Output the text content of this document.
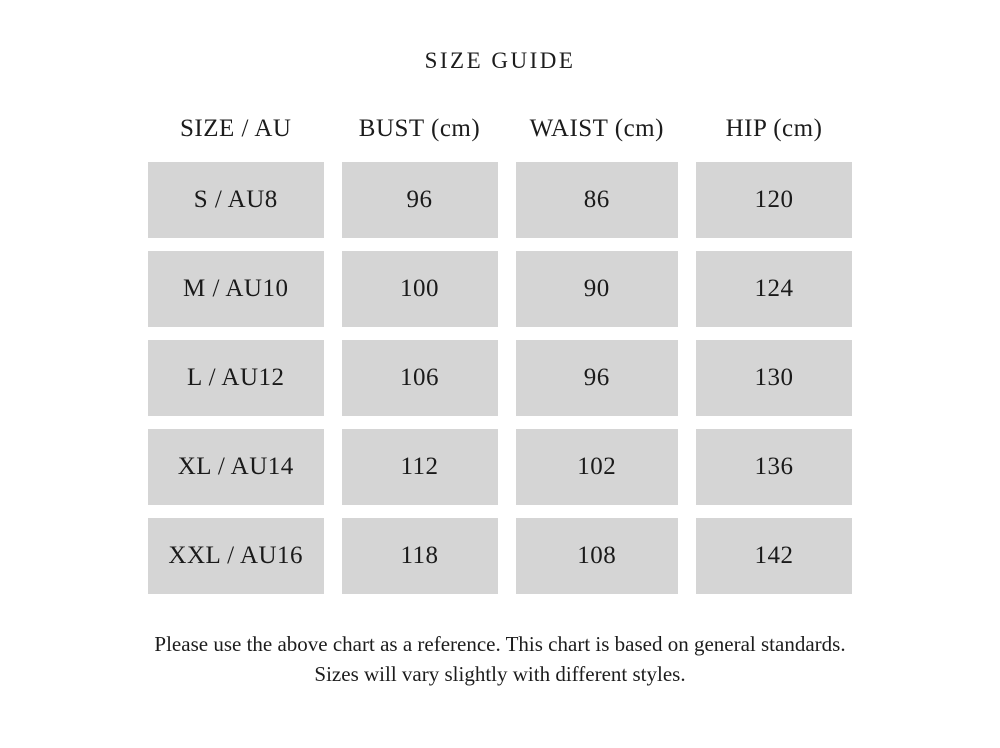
SIZE GUIDE
SIZE / AU	BUST (cm)	WAIST (cm)	HIP (cm)
S / AU8	96	86	120
M / AU10	100	90	124
L / AU12	106	96	130
XL / AU14	112	102	136
XXL / AU16	118	108	142
Please use the above chart as a reference. This chart is based on general standards.
Sizes will vary slightly with different styles.
